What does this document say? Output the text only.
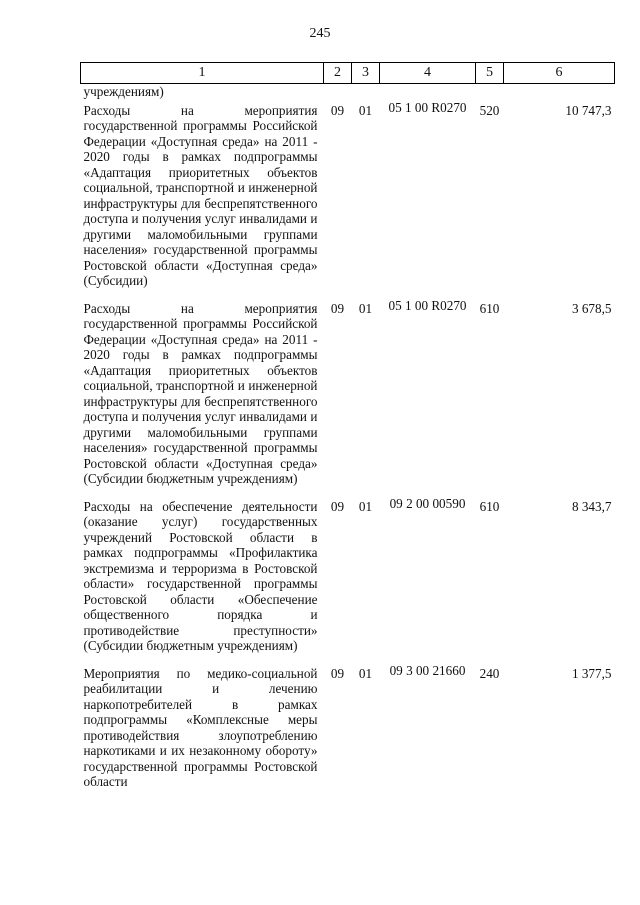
245
1	2	3	4	5	6
учреждениям)					
Расходы на мероприятия государственной программы Российской Федерации «Доступная среда» на 2011 - 2020 годы в рамках подпрограммы «Адаптация приоритетных объектов социальной, транспортной и инженерной инфраструктуры для беспрепятственного доступа и получения услуг инвалидами и другими маломобильными группами населения» государственной программы Ростовской области «Доступная среда» (Субсидии)	09	01	05 1 00 R0270	520	10 747,3
Расходы на мероприятия государственной программы Российской Федерации «Доступная среда» на 2011 - 2020 годы в рамках подпрограммы «Адаптация приоритетных объектов социальной, транспортной и инженерной инфраструктуры для беспрепятственного доступа и получения услуг инвалидами и другими маломобильными группами населения» государственной программы Ростовской области «Доступная среда» (Субсидии бюджетным учреждениям)	09	01	05 1 00 R0270	610	3 678,5
Расходы на обеспечение деятельности (оказание услуг) государственных учреждений Ростовской области в рамках подпрограммы «Профилактика экстремизма и терроризма в Ростовской области» государственной программы Ростовской области «Обеспечение общественного порядка и противодействие преступности» (Субсидии бюджетным учреждениям)	09	01	09 2 00 00590	610	8 343,7
Мероприятия по медико-социальной реабилитации и лечению наркопотребителей в рамках подпрограммы «Комплексные меры противодействия злоупотреблению наркотиками и их незаконному обороту» государственной программы Ростовской области	09	01	09 3 00 21660	240	1 377,5
